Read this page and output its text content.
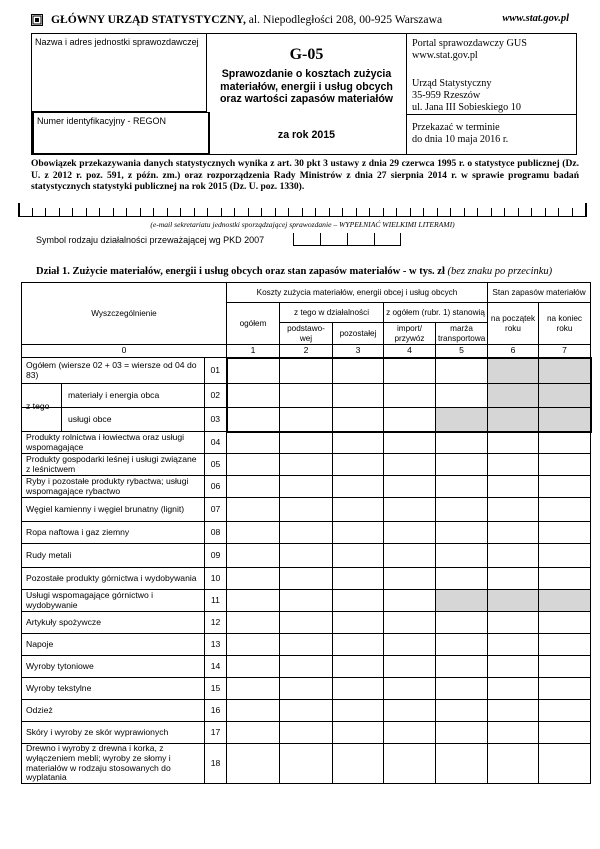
GŁÓWNY URZĄD STATYSTYCZNY, al. Niepodległości 208, 00-925 Warszawa	www.stat.gov.pl
Nazwa i adres jednostki sprawozdawczej
Numer identyfikacyjny - REGON
G-05
Sprawozdanie o kosztach zużycia
materiałów, energii i usług obcych
oraz wartości zapasów materiałów
za rok 2015
Portal sprawozdawczy GUS
www.stat.gov.pl
Urząd Statystyczny
35-959 Rzeszów
ul. Jana III Sobieskiego 10
Przekazać w terminie
do dnia 10 maja 2016 r.
Obowiązek przekazywania danych statystycznych wynika z art. 30 pkt 3 ustawy z dnia 29 czerwca 1995 r. o statystyce publicznej (Dz. U. z 2012 r. poz. 591, z późn. zm.) oraz rozporządzenia Rady Ministrów z dnia 27 sierpnia 2014 r. w sprawie programu badań statystycznych statystyki publicznej na rok 2015 (Dz. U. poz. 1330).
(e-mail sekretariatu jednostki sporządzającej sprawozdanie – WYPEŁNIAĆ WIELKIMI LITERAMI)
Symbol rodzaju działalności przeważającej wg PKD 2007
Dział 1. Zużycie materiałów, energii i usług obcych oraz stan zapasów materiałów - w tys. zł (bez znaku po przecinku)
Wyszczególnienie		Koszty zużycia materiałów, energii obcej i usług obcych					Stan zapasów materiałów	
		ogółem	z tego w działalności		z ogółem (rubr. 1) stanowią		na początek roku	na koniec roku
			podstawo-wej	pozostałej	import/ przywóz	marża transportowa		
0		1	2	3	4	5	6	7
Ogółem (wiersze 02 + 03 = wiersze od 04 do 83)	01							

z tego
materiały i energia obca	02							

usługi obce	03							
Produkty rolnictwa i łowiectwa oraz usługi wspomagające	04							
Produkty gospodarki leśnej i usługi związane z leśnictwem	05							
Ryby i pozostałe produkty rybactwa; usługi wspomagające rybactwo	06							
Węgiel kamienny i węgiel brunatny (lignit)	07							
Ropa naftowa i gaz ziemny	08							
Rudy metali	09							
Pozostałe produkty górnictwa i wydobywania	10							
Usługi wspomagające górnictwo i wydobywanie	11							
Artykuły spożywcze	12							
Napoje	13							
Wyroby tytoniowe	14							
Wyroby tekstylne	15							
Odzież	16							
Skóry i wyroby ze skór wyprawionych	17							
Drewno i wyroby z drewna i korka, z wyłączeniem mebli; wyroby ze słomy i materiałów w rodzaju stosowanych do wyplatania	18							
